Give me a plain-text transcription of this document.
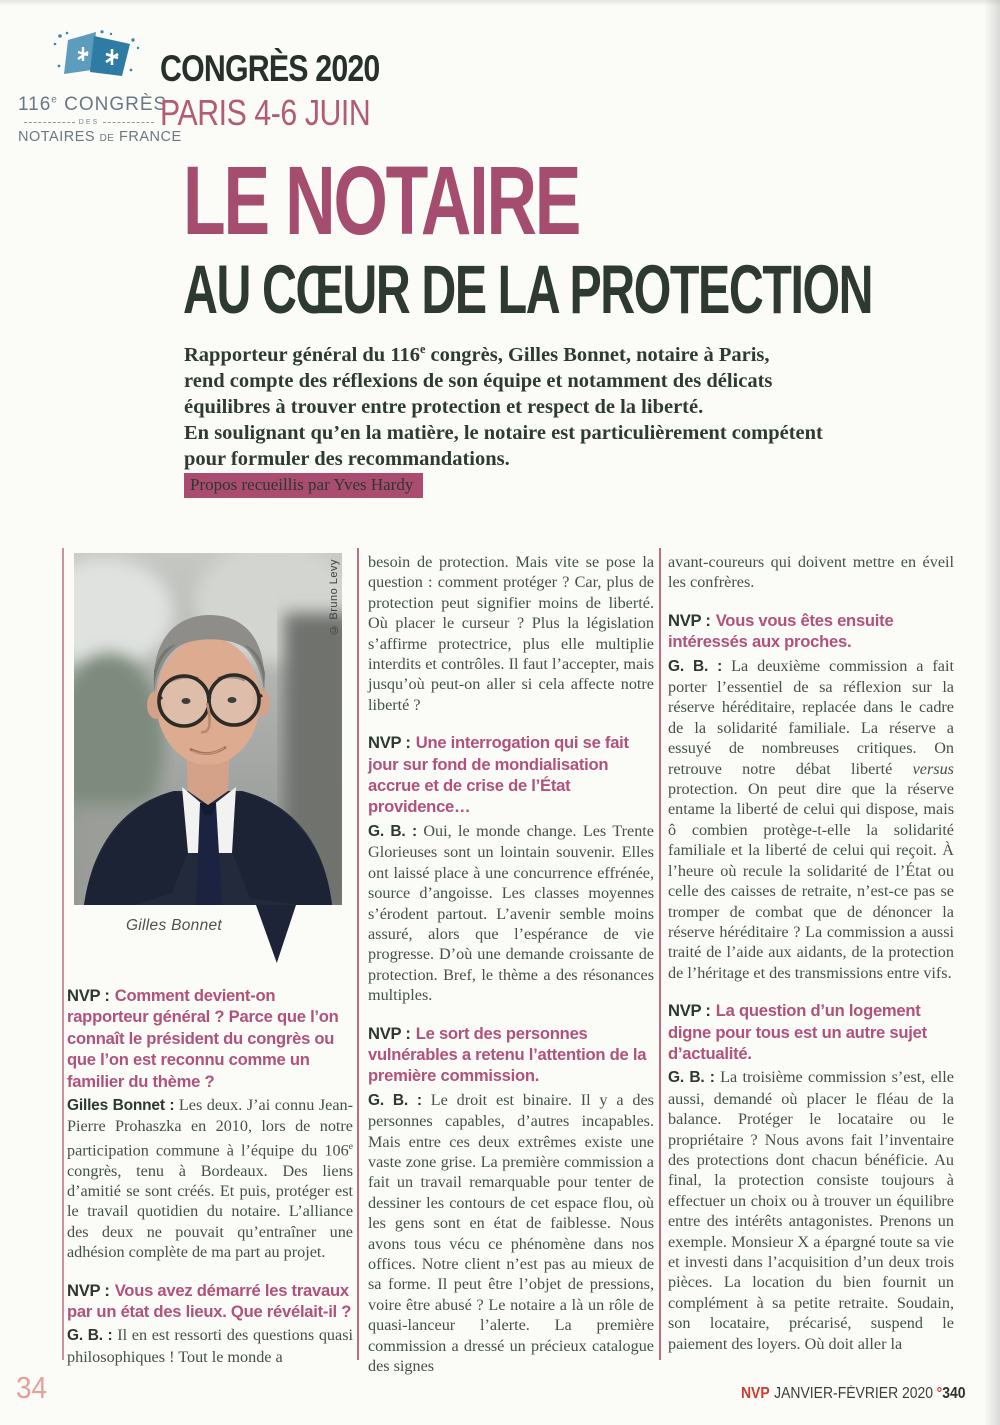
116e CONGRÈS
DES
NOTAIRES DE FRANCE
CONGRÈS 2020
PARIS 4-6 JUIN
LE NOTAIRE
AU CŒUR DE LA PROTECTION
Rapporteur général du 116e congrès, Gilles Bonnet, notaire à Paris,
rend compte des réflexions de son équipe et notamment des délicats
équilibres à trouver entre protection et respect de la liberté.
En soulignant qu’en la matière, le notaire est particulièrement compétent
pour formuler des recommandations.
Propos recueillis par Yves Hardy
© Bruno Levy
Gilles Bonnet

NVP : Comment devient-on rapporteur général ? Parce que l’on connaît le président du congrès ou que l’on est reconnu comme un familier du thème ?

Gilles Bonnet : Les deux. J’ai connu Jean-Pierre Prohaszka en 2010, lors de notre participation commune à l’équipe du 106e congrès, tenu à Bordeaux. Des liens d’amitié se sont créés. Et puis, protéger est le travail quotidien du notaire. L’alliance des deux ne pouvait qu’entraîner une adhésion complète de ma part au projet.

NVP : Vous avez démarré les travaux par un état des lieux. Que révélait-il ?

G. B. : Il en est ressorti des questions quasi philosophiques ! Tout le monde a

besoin de protection. Mais vite se pose la question : comment protéger ? Car, plus de protection peut signifier moins de liberté. Où placer le curseur ? Plus la législation s’affirme protectrice, plus elle multiplie interdits et contrôles. Il faut l’accepter, mais jusqu’où peut-on aller si cela affecte notre liberté ?

NVP : Une interrogation qui se fait jour sur fond de mondialisation accrue et de crise de l’État providence…

G. B. : Oui, le monde change. Les Trente Glorieuses sont un lointain souvenir. Elles ont laissé place à une concurrence effrénée, source d’angoisse. Les classes moyennes s’érodent partout. L’avenir semble moins assuré, alors que l’espérance de vie progresse. D’où une demande croissante de protection. Bref, le thème a des résonances multiples.

NVP : Le sort des personnes vulnérables a retenu l’attention de la première commission.

G. B. : Le droit est binaire. Il y a des personnes capables, d’autres incapables. Mais entre ces deux extrêmes existe une vaste zone grise. La première commission a fait un travail remarquable pour tenter de dessiner les contours de cet espace flou, où les gens sont en état de faiblesse. Nous avons tous vécu ce phénomène dans nos offices. Notre client n’est pas au mieux de sa forme. Il peut être l’objet de pressions, voire être abusé ? Le notaire a là un rôle de quasi-lanceur l’alerte. La première commission a dressé un précieux catalogue des signes

avant-coureurs qui doivent mettre en éveil les confrères.

NVP : Vous vous êtes ensuite intéressés aux proches.

G. B. : La deuxième commission a fait porter l’essentiel de sa réflexion sur la réserve héréditaire, replacée dans le cadre de la solidarité familiale. La réserve a essuyé de nombreuses critiques. On retrouve notre débat liberté versus protection. On peut dire que la réserve entame la liberté de celui qui dispose, mais ô combien protège-t-elle la solidarité familiale et la liberté de celui qui reçoit. À l’heure où recule la solidarité de l’État ou celle des caisses de retraite, n’est-ce pas se tromper de combat que de dénoncer la réserve héréditaire ? La commission a aussi traité de l’aide aux aidants, de la protection de l’héritage et des transmissions entre vifs.

NVP : La question d’un logement digne pour tous est un autre sujet d’actualité.

G. B. : La troisième commission s’est, elle aussi, demandé où placer le fléau de la balance. Protéger le locataire ou le propriétaire ? Nous avons fait l’inventaire des protections dont chacun bénéficie. Au final, la protection consiste toujours à effectuer un choix ou à trouver un équilibre entre des intérêts antagonistes. Prenons un exemple. Monsieur X a épargné toute sa vie et investi dans l’acquisition d’un deux trois pièces. La location du bien fournit un complément à sa petite retraite. Soudain, son locataire, précarisé, suspend le paiement des loyers. Où doit aller la

34	NVP JANVIER-FÉVRIER 2020 °340
